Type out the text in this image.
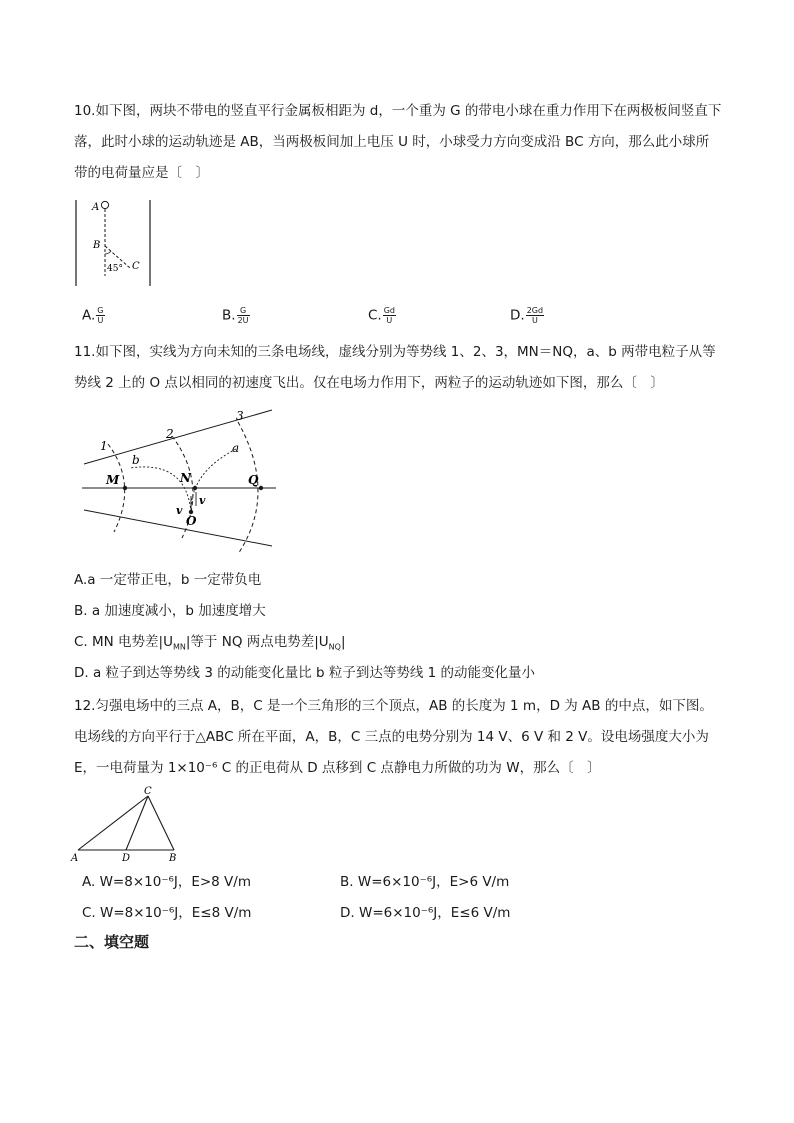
10.如下图，两块不带电的竖直平行金属板相距为 d，一个重为 G 的带电小球在重力作用下在两极板间竖直下落，此时小球的运动轨迹是 AB，当两极板间加上电压 U 时，小球受力方向变成沿 BC 方向，那么此小球所带的电荷量应是〔　〕

A
B
C
45°
A. $\frac{G}{U}$	B. $\frac{G}{2U}$	C. $\frac{Gd}{U}$	D. $\frac{2Gd}{U}$

11.如下图，实线为方向未知的三条电场线，虚线分别为等势线 1、2、3，MN＝NQ，a、b 两带电粒子从等势线 2 上的 O 点以相同的初速度飞出。仅在电场力作用下，两粒子的运动轨迹如下图，那么〔　〕

1
2
3
a
b
M	N	Q
O
v
v
A.a 一定带正电，b 一定带负电
B. a 加速度减小，b 加速度增大
C. MN 电势差$|U_{MN}|$等于 NQ 两点电势差$|U_{NQ}|$
D. a 粒子到达等势线 3 的动能变化量比 b 粒子到达等势线 1 的动能变化量小

12.匀强电场中的三点 A，B，C 是一个三角形的三个顶点，AB 的长度为 1 m，D 为 AB 的中点，如下图。电场线的方向平行于△ABC 所在平面，A，B，C 三点的电势分别为 14 V、6 V 和 2 V。设电场强度大小为 E，一电荷量为 1×10⁻⁶ C 的正电荷从 D 点移到 C 点静电力所做的功为 W，那么〔　〕

A	D	B
C
A. W=8×10⁻⁶J，E>8 V/m	B. W=6×10⁻⁶J，E>6 V/m
C. W=8×10⁻⁶J，E≤8 V/m	D. W=6×10⁻⁶J，E≤6 V/m
二、填空题
